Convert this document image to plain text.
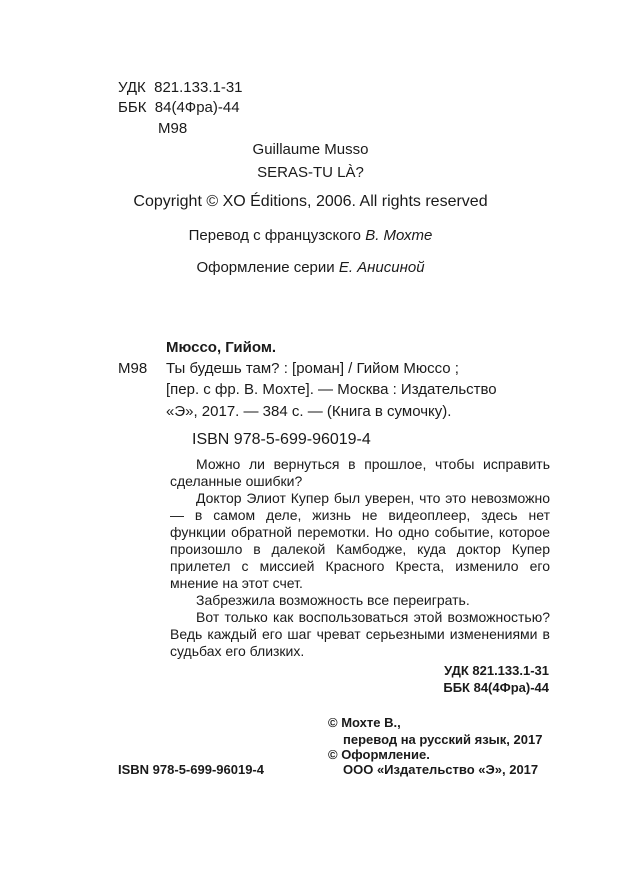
УДК 821.133.1-31
ББК 84(4Фра)-44
М98
Guillaume Musso
SERAS-TU LÀ?
Copyright © XO Éditions, 2006. All rights reserved
Перевод с французского В. Мохте
Оформление серии Е. Анисиной
Мюссо, Гийом.
М98 Ты будешь там? : [роман] / Гийом Мюссо ;
[пер. с фр. В. Мохте]. — Москва : Издательство
«Э», 2017. — 384 с. — (Книга в сумочку).
ISBN 978-5-699-96019-4

Можно ли вернуться в прошлое, чтобы исправить сделанные ошибки?

Доктор Элиот Купер был уверен, что это невозможно — в самом деле, жизнь не видеоплеер, здесь нет функции обратной перемотки. Но одно событие, которое произошло в далекой Камбодже, куда доктор Купер прилетел с миссией Красного Креста, изменило его мнение на этот счет.

Забрезжила возможность все переиграть.

Вот только как воспользоваться этой возможностью? Ведь каждый его шаг чреват серьезными изменениями в судьбах его близких.

УДК 821.133.1-31
ББК 84(4Фра)-44
© Мохте В.,
перевод на русский язык, 2017
© Оформление.
ISBN 978-5-699-96019-4	ООО «Издательство «Э», 2017
